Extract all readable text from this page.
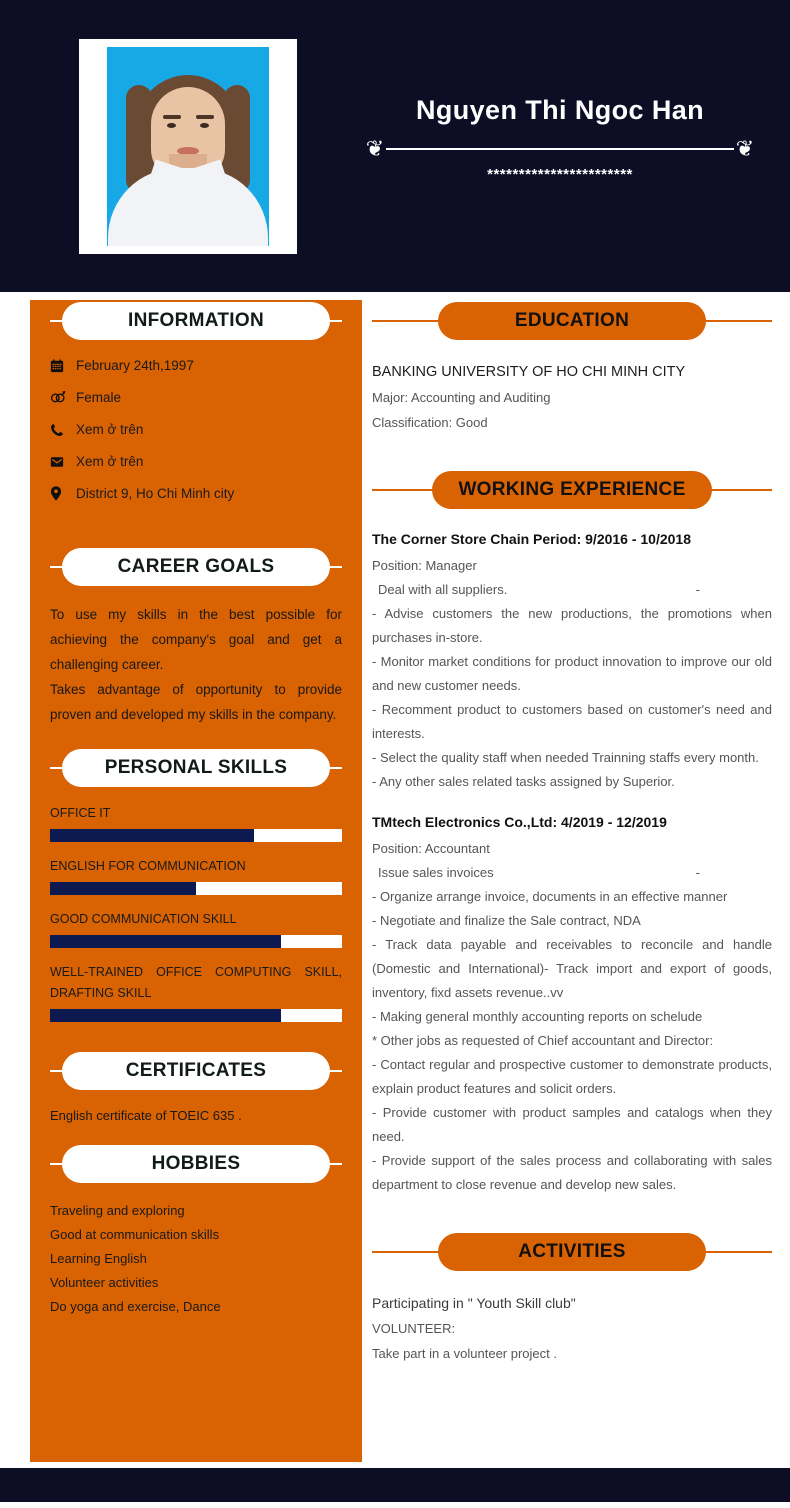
Nguyen Thi Ngoc Han
❦	❦
***********************
INFORMATION
February 24th,1997
Female
Xem ở trên
Xem ở trên
District 9, Ho Chi Minh city
CAREER GOALS
To use my skills in the best possible for achieving the company's goal and get a challenging career.
Takes advantage of opportunity to provide proven and developed my skills in the company.
PERSONAL SKILLS
OFFICE IT
ENGLISH FOR COMMUNICATION
GOOD COMMUNICATION SKILL
WELL-TRAINED OFFICE COMPUTING SKILL, DRAFTING SKILL
CERTIFICATES
English certificate of TOEIC 635 .
HOBBIES
Traveling and exploring
Good at communication skills
Learning English
Volunteer activities
Do yoga and exercise, Dance
EDUCATION
BANKING UNIVERSITY OF HO CHI MINH CITY
Major: Accounting and Auditing
Classification: Good
WORKING EXPERIENCE
The Corner Store Chain Period: 9/2016 - 10/2018
Position: Manager
Deal with all suppliers.	-
- Advise customers the new productions, the promotions when purchases in-store.
- Monitor market conditions for product innovation to improve our old and new customer needs.
- Recomment product to customers based on customer's need and interests.
- Select the quality staff when needed Trainning staffs every month.
- Any other sales related tasks assigned by Superior.
TMtech Electronics Co.,Ltd: 4/2019 - 12/2019
Position: Accountant
Issue sales invoices	-
- Organize arrange invoice, documents in an effective manner
- Negotiate and finalize the Sale contract, NDA
- Track data payable and receivables to reconcile and handle (Domestic and International)- Track import and export of goods, inventory, fixd assets revenue..vv
- Making general monthly accounting reports on schelude
* Other jobs as requested of Chief accountant and Director:
- Contact regular and prospective customer to demonstrate products, explain product features and solicit orders.
- Provide customer with product samples and catalogs when they need.
- Provide support of the sales process and collaborating with sales department to close revenue and develop new sales.
ACTIVITIES
Participating in " Youth Skill club"
VOLUNTEER:
Take part in a volunteer project .
